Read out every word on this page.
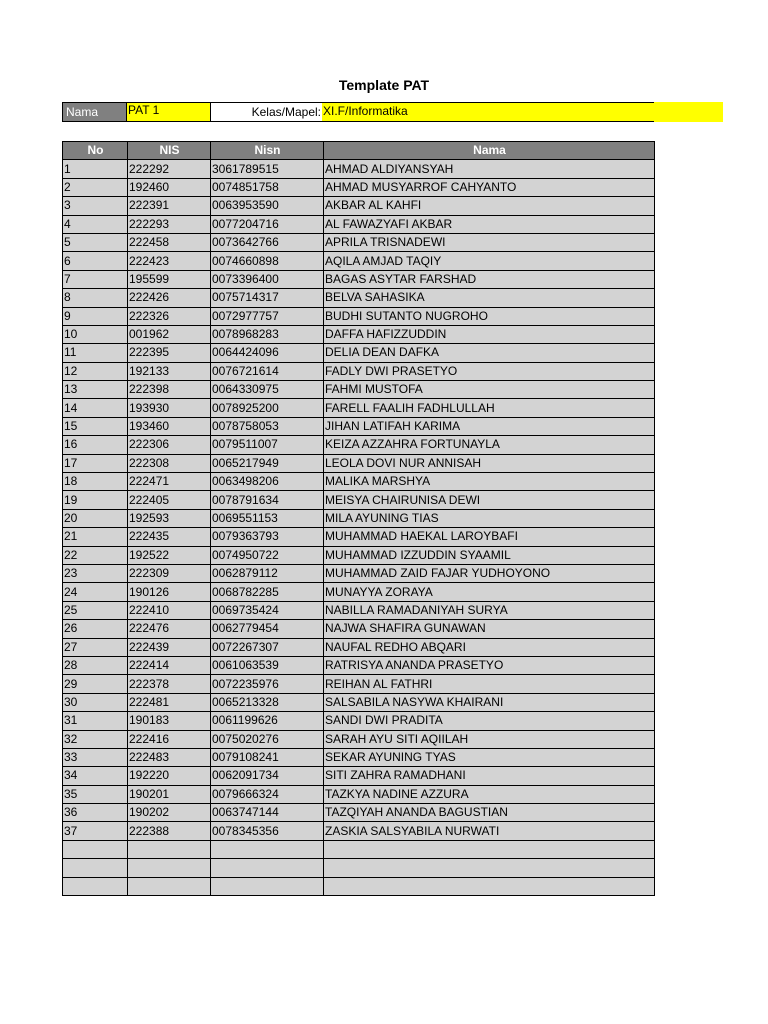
Template PAT
Nama	PAT 1	Kelas/Mapel: XI.F/Informatika
No	NIS	Nisn	Nama
1	222292	3061789515	AHMAD ALDIYANSYAH
2	192460	0074851758	AHMAD MUSYARROF CAHYANTO
3	222391	0063953590	AKBAR AL KAHFI
4	222293	0077204716	AL FAWAZYAFI AKBAR
5	222458	0073642766	APRILA TRISNADEWI
6	222423	0074660898	AQILA AMJAD TAQIY
7	195599	0073396400	BAGAS ASYTAR FARSHAD
8	222426	0075714317	BELVA SAHASIKA
9	222326	0072977757	BUDHI SUTANTO NUGROHO
10	001962	0078968283	DAFFA HAFIZZUDDIN
11	222395	0064424096	DELIA DEAN DAFKA
12	192133	0076721614	FADLY DWI PRASETYO
13	222398	0064330975	FAHMI MUSTOFA
14	193930	0078925200	FARELL FAALIH FADHLULLAH
15	193460	0078758053	JIHAN LATIFAH KARIMA
16	222306	0079511007	KEIZA AZZAHRA FORTUNAYLA
17	222308	0065217949	LEOLA DOVI NUR ANNISAH
18	222471	0063498206	MALIKA MARSHYA
19	222405	0078791634	MEISYA CHAIRUNISA DEWI
20	192593	0069551153	MILA AYUNING TIAS
21	222435	0079363793	MUHAMMAD HAEKAL LAROYBAFI
22	192522	0074950722	MUHAMMAD IZZUDDIN SYAAMIL
23	222309	0062879112	MUHAMMAD ZAID FAJAR YUDHOYONO
24	190126	0068782285	MUNAYYA ZORAYA
25	222410	0069735424	NABILLA RAMADANIYAH SURYA
26	222476	0062779454	NAJWA SHAFIRA GUNAWAN
27	222439	0072267307	NAUFAL REDHO ABQARI
28	222414	0061063539	RATRISYA ANANDA PRASETYO
29	222378	0072235976	REIHAN AL FATHRI
30	222481	0065213328	SALSABILA NASYWA KHAIRANI
31	190183	0061199626	SANDI DWI PRADITA
32	222416	0075020276	SARAH AYU SITI AQIILAH
33	222483	0079108241	SEKAR AYUNING TYAS
34	192220	0062091734	SITI ZAHRA RAMADHANI
35	190201	0079666324	TAZKYA NADINE AZZURA
36	190202	0063747144	TAZQIYAH ANANDA BAGUSTIAN
37	222388	0078345356	ZASKIA SALSYABILA NURWATI
